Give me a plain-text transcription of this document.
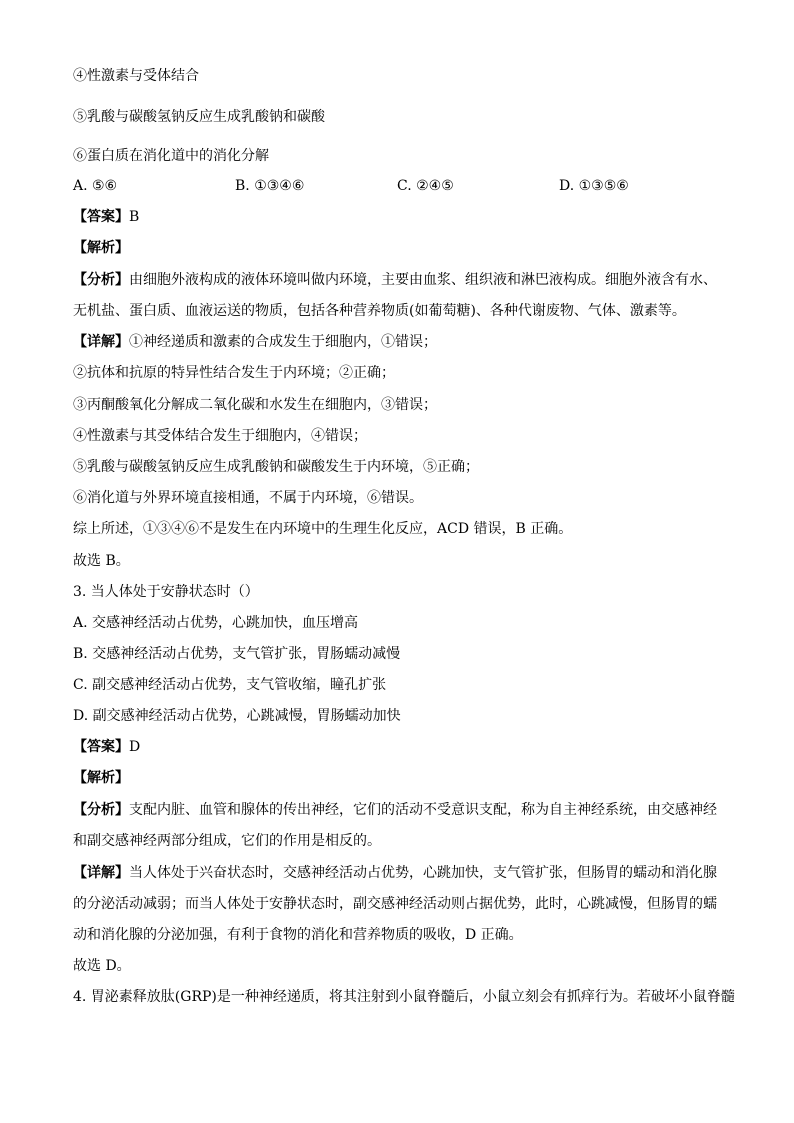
④性激素与受体结合
⑤乳酸与碳酸氢钠反应生成乳酸钠和碳酸
⑥蛋白质在消化道中的消化分解
A. ⑤⑥	B. ①③④⑥	C. ②④⑤	D. ①③⑤⑥
【答案】B
【解析】
【分析】由细胞外液构成的液体环境叫做内环境，主要由血浆、组织液和淋巴液构成。细胞外液含有水、
无机盐、蛋白质、血液运送的物质，包括各种营养物质(如葡萄糖)、各种代谢废物、气体、激素等。
【详解】①神经递质和激素的合成发生于细胞内，①错误；
②抗体和抗原的特异性结合发生于内环境；②正确；
③丙酮酸氧化分解成二氧化碳和水发生在细胞内，③错误；
④性激素与其受体结合发生于细胞内，④错误；
⑤乳酸与碳酸氢钠反应生成乳酸钠和碳酸发生于内环境，⑤正确；
⑥消化道与外界环境直接相通，不属于内环境，⑥错误。
综上所述，①③④⑥不是发生在内环境中的生理生化反应，ACD 错误，B 正确。
故选 B。
3. 当人体处于安静状态时（）
A. 交感神经活动占优势，心跳加快，血压增高
B. 交感神经活动占优势，支气管扩张，胃肠蠕动减慢
C. 副交感神经活动占优势，支气管收缩，瞳孔扩张
D. 副交感神经活动占优势，心跳减慢，胃肠蠕动加快
【答案】D
【解析】
【分析】支配内脏、血管和腺体的传出神经，它们的活动不受意识支配，称为自主神经系统，由交感神经
和副交感神经两部分组成，它们的作用是相反的。
【详解】当人体处于兴奋状态时，交感神经活动占优势，心跳加快，支气管扩张，但肠胃的蠕动和消化腺
的分泌活动减弱；而当人体处于安静状态时，副交感神经活动则占据优势，此时，心跳减慢，但肠胃的蠕
动和消化腺的分泌加强，有利于食物的消化和营养物质的吸收，D 正确。
故选 D。
4. 胃泌素释放肽(GRP)是一种神经递质，将其注射到小鼠脊髓后，小鼠立刻会有抓痒行为。若破坏小鼠脊髓
